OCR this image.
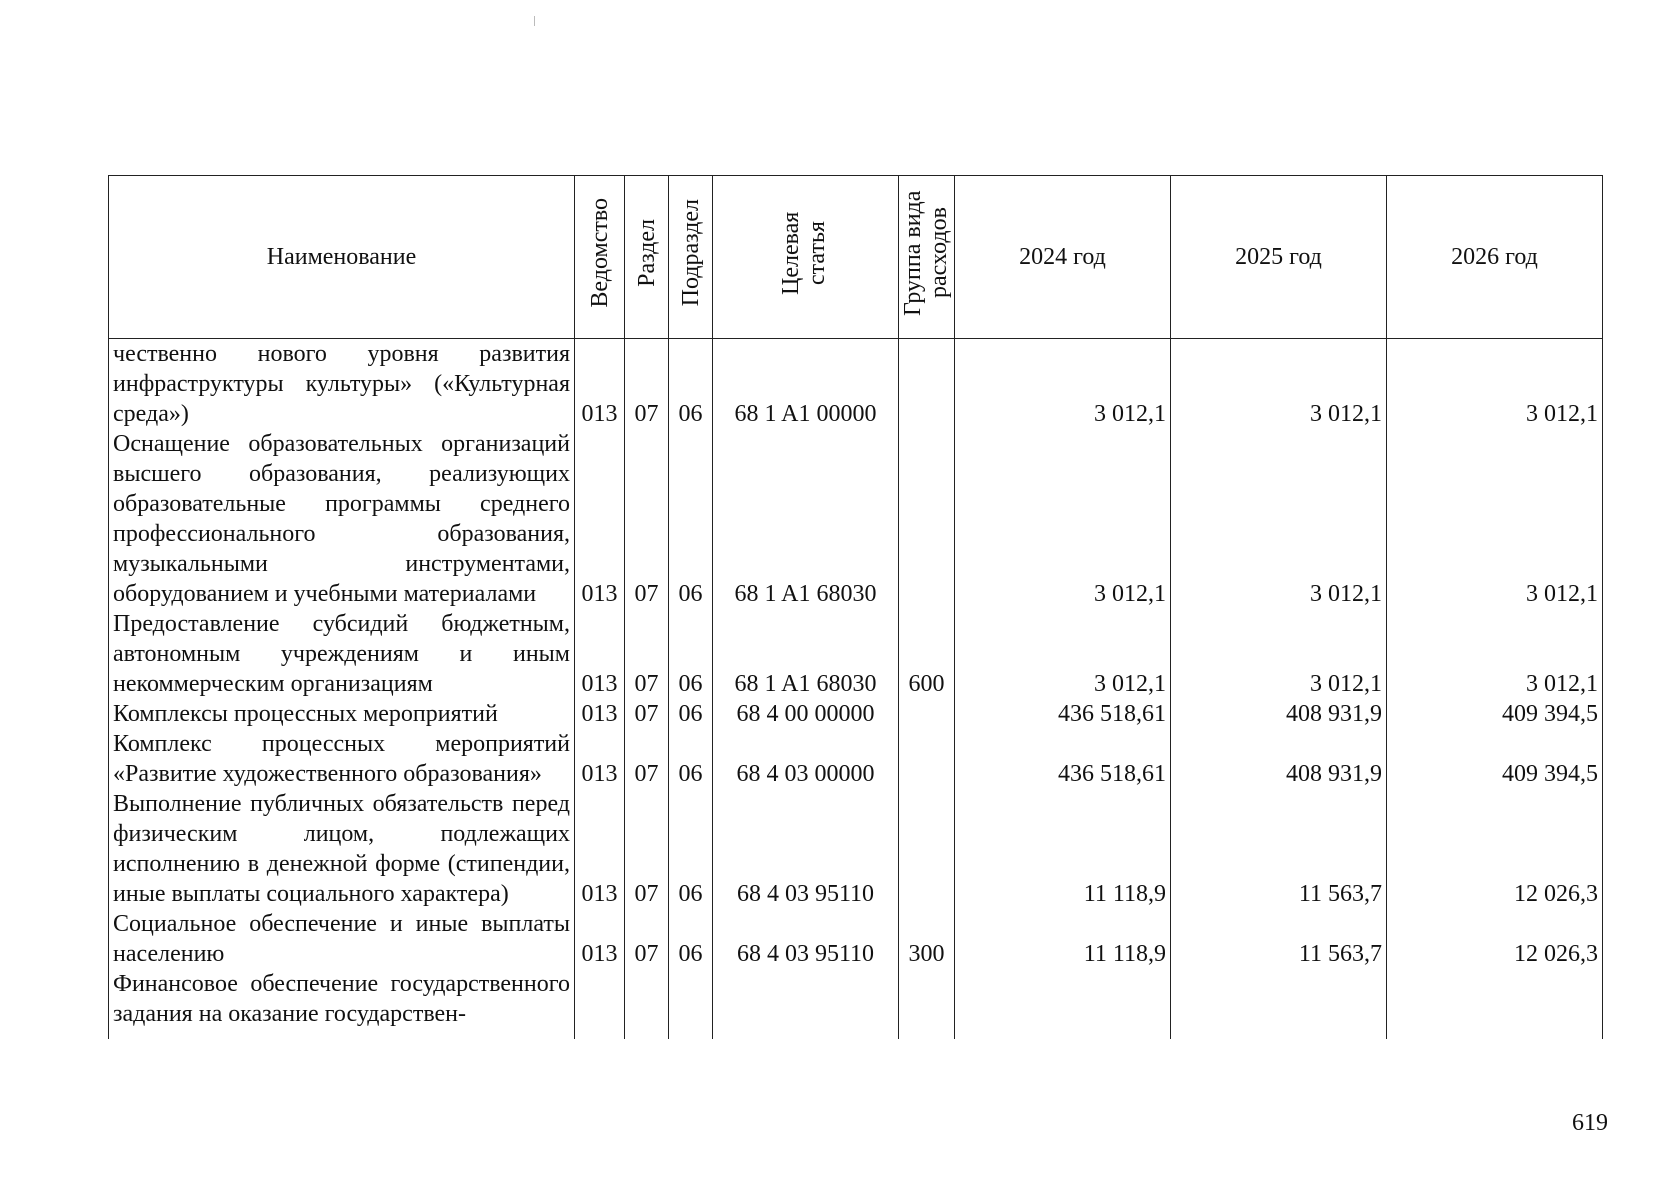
Наименование	Ведомство	Раздел	Подраздел	Целевая статья	Группа вида расходов	2024 год	2025 год	2026 год
чественно нового уровня развития инфраструктуры культуры» («Культурная среда»)	013	07	06	68 1 A1 00000		3 012,1	3 012,1	3 012,1
Оснащение образовательных организаций высшего образования, реализующих образовательные программы среднего профессионального образования, музыкальными инструментами, оборудованием и учебными материалами	013	07	06	68 1 A1 68030		3 012,1	3 012,1	3 012,1
Предоставление субсидий бюджетным, автономным учреждениям и иным некоммерческим организациям	013	07	06	68 1 A1 68030	600	3 012,1	3 012,1	3 012,1
Комплексы процессных мероприятий	013	07	06	68 4 00 00000		436 518,61	408 931,9	409 394,5
Комплекс процессных мероприятий «Развитие художественного образования»	013	07	06	68 4 03 00000		436 518,61	408 931,9	409 394,5
Выполнение публичных обязательств перед физическим лицом, подлежащих исполнению в денежной форме (стипендии, иные выплаты социального характера)	013	07	06	68 4 03 95110		11 118,9	11 563,7	12 026,3
Социальное обеспечение и иные выплаты населению	013	07	06	68 4 03 95110	300	11 118,9	11 563,7	12 026,3
Финансовое обеспечение государственного задания на оказание государствен-								
619
